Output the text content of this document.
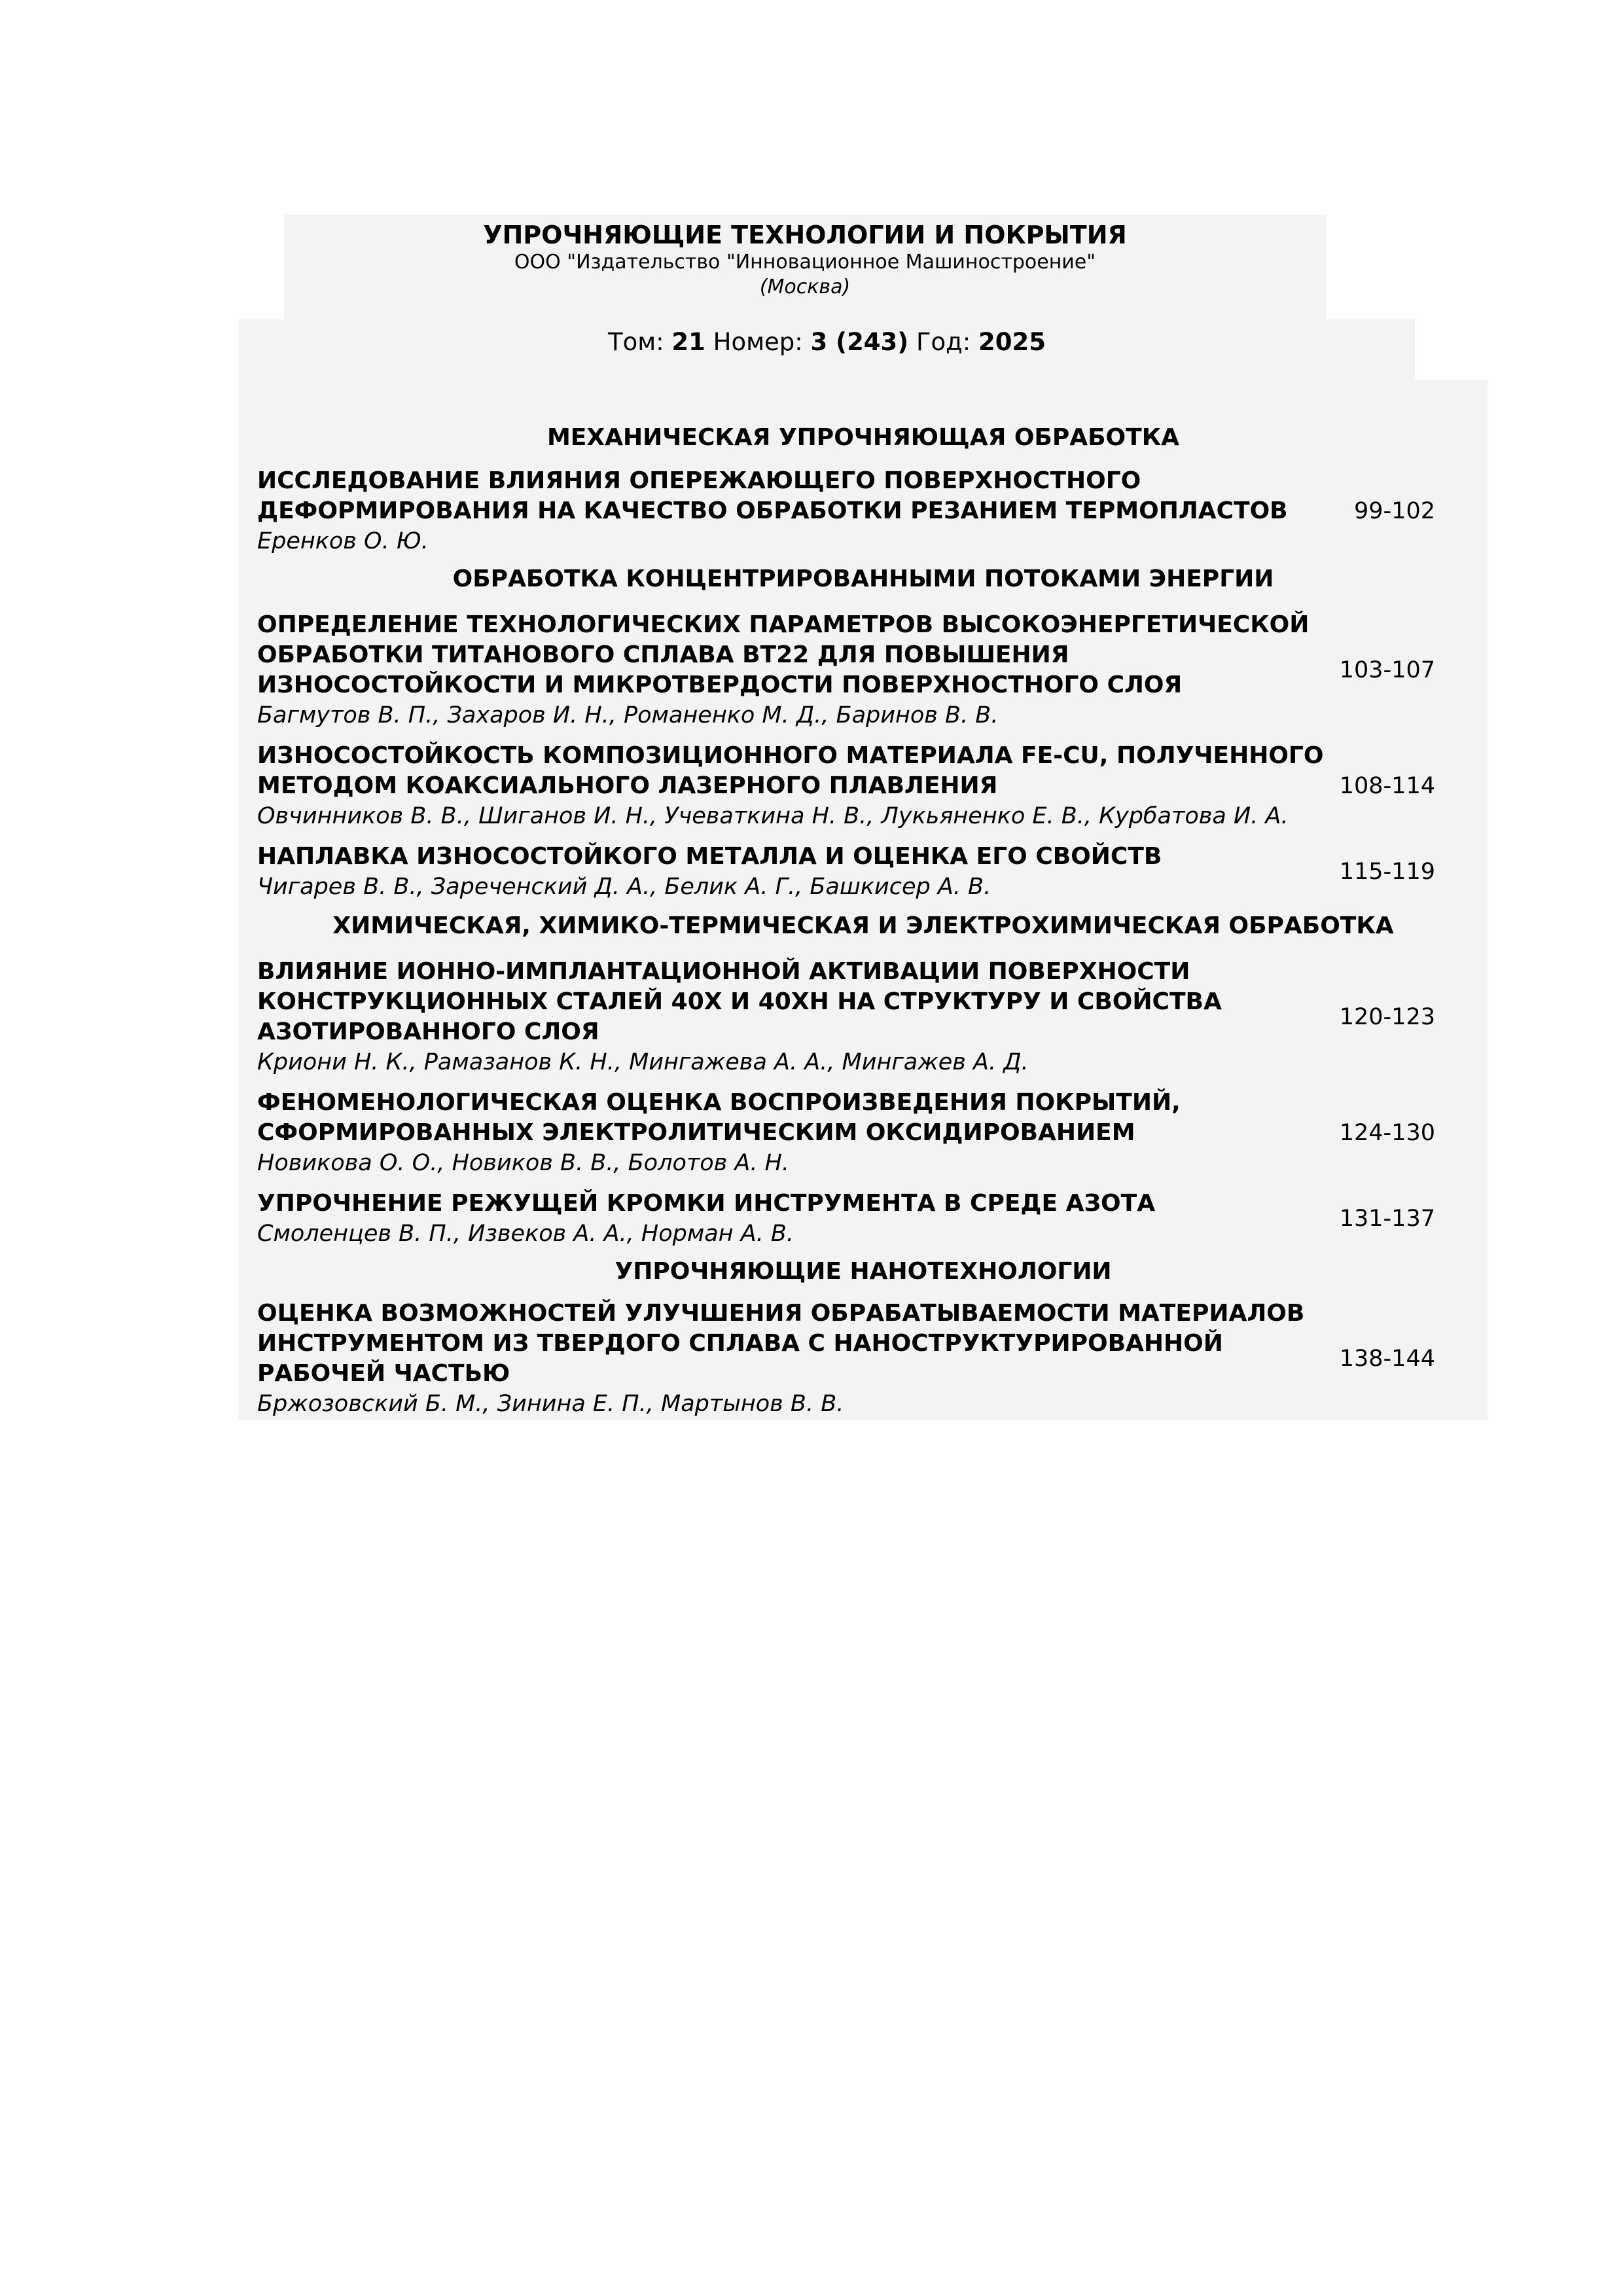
УПРОЧНЯЮЩИЕ ТЕХНОЛОГИИ И ПОКРЫТИЯ
ООО "Издательство "Инновационное Машиностроение"
(Москва)
Том: 21 Номер: 3 (243) Год: 2025
МЕХАНИЧЕСКАЯ УПРОЧНЯЮЩАЯ ОБРАБОТКА
ИССЛЕДОВАНИЕ ВЛИЯНИЯ ОПЕРЕЖАЮЩЕГО ПОВЕРХНОСТНОГО ДЕФОРМИРОВАНИЯ НА КАЧЕСТВО ОБРАБОТКИ РЕЗАНИЕМ ТЕРМОПЛАСТОВ
Еренков О. Ю.
99-102
ОБРАБОТКА КОНЦЕНТРИРОВАННЫМИ ПОТОКАМИ ЭНЕРГИИ
ОПРЕДЕЛЕНИЕ ТЕХНОЛОГИЧЕСКИХ ПАРАМЕТРОВ ВЫСОКОЭНЕРГЕТИЧЕСКОЙ ОБРАБОТКИ ТИТАНОВОГО СПЛАВА ВТ22 ДЛЯ ПОВЫШЕНИЯ ИЗНОСОСТОЙКОСТИ И МИКРОТВЕРДОСТИ ПОВЕРХНОСТНОГО СЛОЯ
Багмутов В. П., Захаров И. Н., Романенко М. Д., Баринов В. В.
103-107
ИЗНОСОСТОЙКОСТЬ КОМПОЗИЦИОННОГО МАТЕРИАЛА FE-CU, ПОЛУЧЕННОГО МЕТОДОМ КОАКСИАЛЬНОГО ЛАЗЕРНОГО ПЛАВЛЕНИЯ
Овчинников В. В., Шиганов И. Н., Учеваткина Н. В., Лукьяненко Е. В., Курбатова И. А.
108-114
НАПЛАВКА ИЗНОСОСТОЙКОГО МЕТАЛЛА И ОЦЕНКА ЕГО СВОЙСТВ
Чигарев В. В., Зареченский Д. А., Белик А. Г., Башкисер А. В.
115-119
ХИМИЧЕСКАЯ, ХИМИКО-ТЕРМИЧЕСКАЯ И ЭЛЕКТРОХИМИЧЕСКАЯ ОБРАБОТКА
ВЛИЯНИЕ ИОННО-ИМПЛАНТАЦИОННОЙ АКТИВАЦИИ ПОВЕРХНОСТИ КОНСТРУКЦИОННЫХ СТАЛЕЙ 40Х И 40ХН НА СТРУКТУРУ И СВОЙСТВА АЗОТИРОВАННОГО СЛОЯ
Криони Н. К., Рамазанов К. Н., Мингажева А. А., Мингажев А. Д.
120-123
ФЕНОМЕНОЛОГИЧЕСКАЯ ОЦЕНКА ВОСПРОИЗВЕДЕНИЯ ПОКРЫТИЙ, СФОРМИРОВАННЫХ ЭЛЕКТРОЛИТИЧЕСКИМ ОКСИДИРОВАНИЕМ
Новикова О. О., Новиков В. В., Болотов А. Н.
124-130
УПРОЧНЕНИЕ РЕЖУЩЕЙ КРОМКИ ИНСТРУМЕНТА В СРЕДЕ АЗОТА
Смоленцев В. П., Извеков А. А., Норман А. В.
131-137
УПРОЧНЯЮЩИЕ НАНОТЕХНОЛОГИИ
ОЦЕНКА ВОЗМОЖНОСТЕЙ УЛУЧШЕНИЯ ОБРАБАТЫВАЕМОСТИ МАТЕРИАЛОВ ИНСТРУМЕНТОМ ИЗ ТВЕРДОГО СПЛАВА С НАНОСТРУКТУРИРОВАННОЙ РАБОЧЕЙ ЧАСТЬЮ
Бржозовский Б. М., Зинина Е. П., Мартынов В. В.
138-144
